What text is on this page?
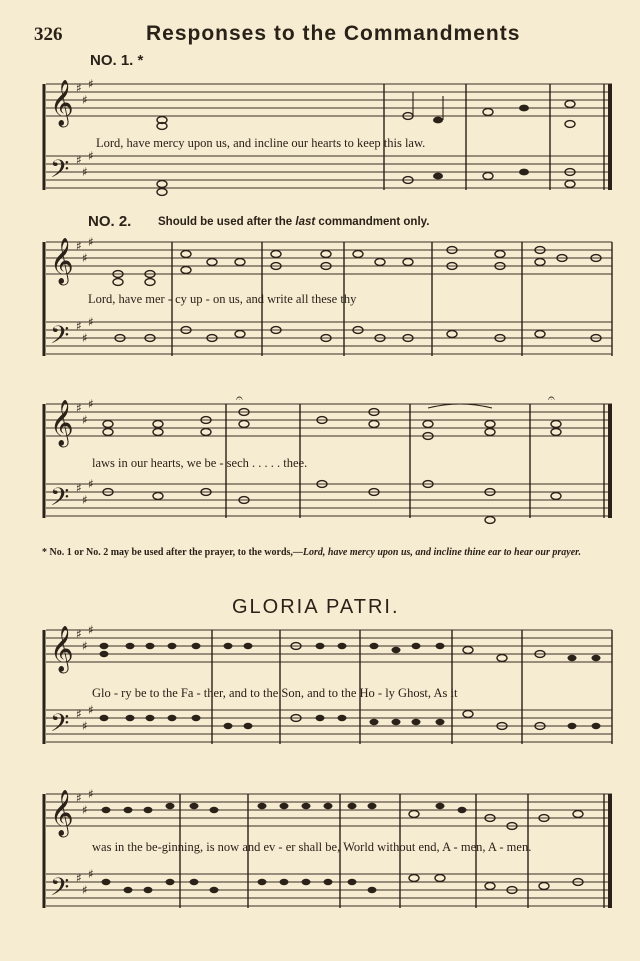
326	Responses to the Commandments
NO. 1. *
𝄞
𝄢
♯
♯
♯
♯
♯
♯
Lord, have mercy upon us, and incline our hearts to keep this law.
NO. 2. Should be used after the last commandment only.
𝄞
𝄢
♯
♯
♯
♯
♯
♯
Lord, have mer - cy up - on us, and write all these thy
𝄞
𝄢
♯
♯
♯
♯
♯
♯
𝄐	𝄐
laws in our hearts, we be - sech . . . . . thee.
* No. 1 or No. 2 may be used after the prayer, to the words,—Lord, have mercy upon us, and incline thine ear to hear our prayer.
GLORIA PATRI.
𝄞
𝄢
♯
♯
♯
♯
♯
♯
Glo - ry be to the Fa - ther, and to the Son, and to the Ho - ly Ghost, As it
𝄞
𝄢
♯
♯
♯
♯
♯
♯
was in the be-ginning, is now and ev - er shall be, World without end, A - men, A - men.
